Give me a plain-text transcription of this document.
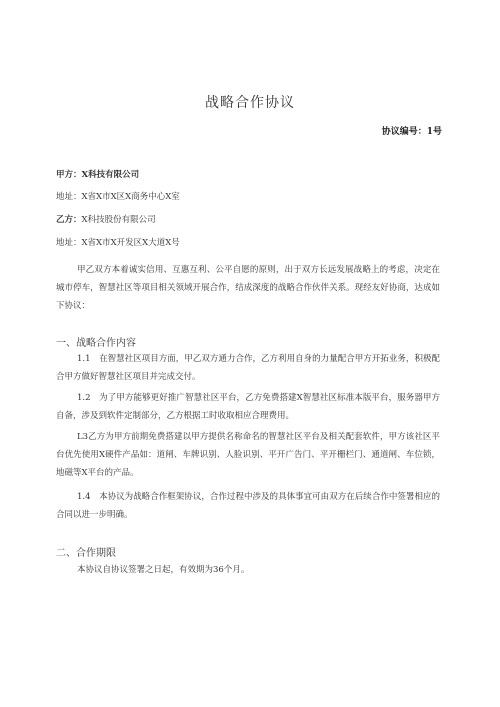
战略合作协议
协议编号：1号
甲方：X科技有限公司
地址：X省X市X区X商务中心X室
乙方：X科技股份有限公司
地址：X省X市X开发区X大道X号
甲乙双方本着诚实信用、互惠互利、公平自愿的原则，出于双方长远发展战略上的考虑，决定在城市停车，智慧社区等项目相关领域开展合作，结成深度的战略合作伙伴关系。现经友好协商，达成如下协议：
一、战略合作内容
1.1　在智慧社区项目方面，甲乙双方通力合作，乙方利用自身的力量配合甲方开拓业务，积极配合甲方做好智慧社区项目并完成交付。
1.2　为了甲方能够更好推广智慧社区平台，乙方免费搭建X智慧社区标准本版平台，服务器甲方自备，涉及到软件定制部分，乙方根据工时收取相应合理费用。
L3乙方为甲方前期免费搭建以甲方提供名称命名的智慧社区平台及相关配套软件，甲方该社区平台优先使用X硬件产品如：道闸、车牌识别、人脸识别、平开广告门、平开栅栏门、通道闸、车位锁，地磁等X平台的产品。
1.4　本协议为战略合作框架协议，合作过程中涉及的具体事宜可由双方在后续合作中签署相应的合同以进一步明确。
二、合作期限
本协议自协议签署之日起，有效期为36个月。
